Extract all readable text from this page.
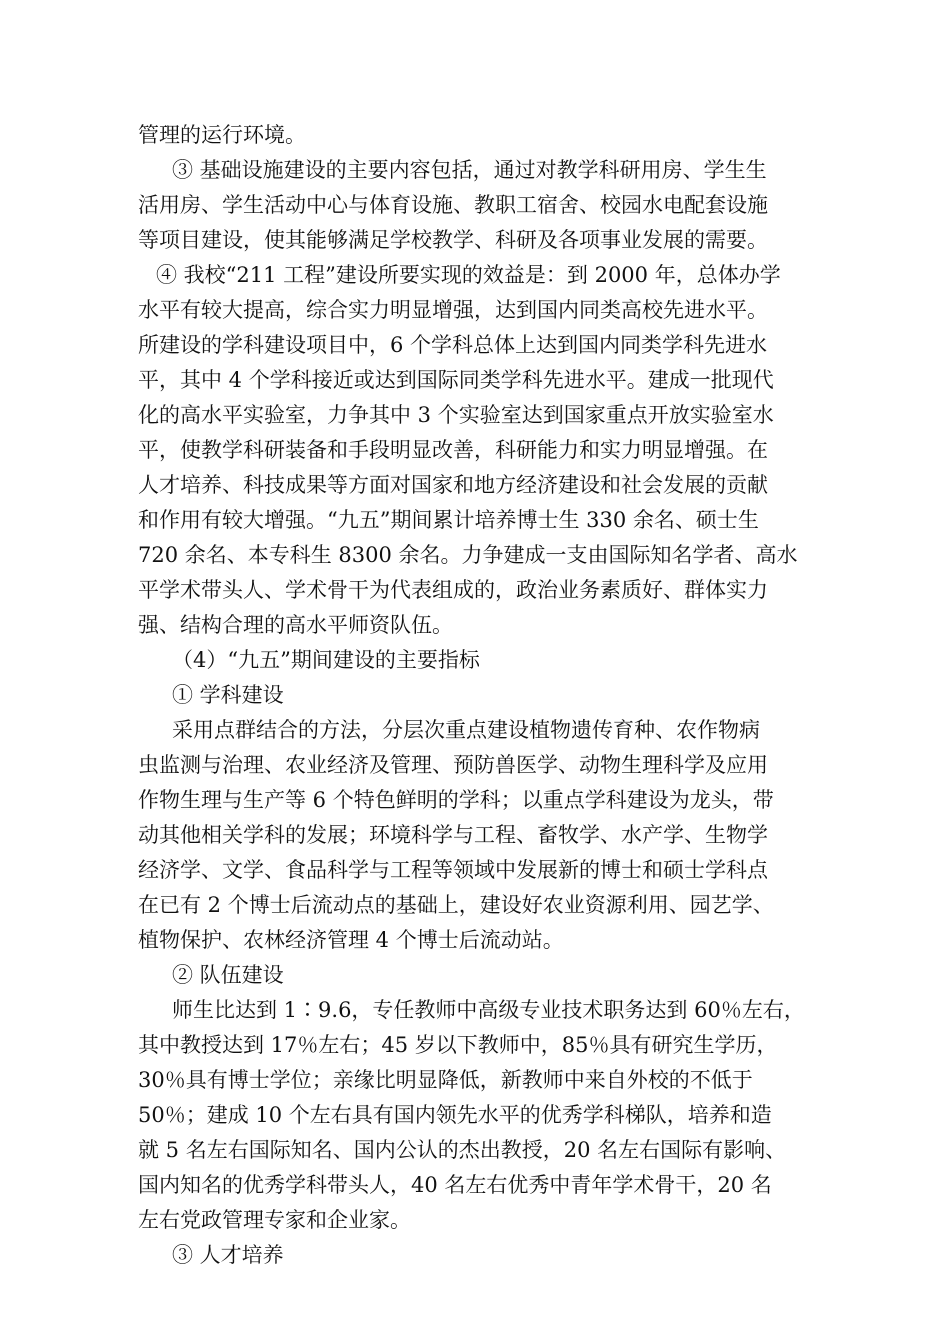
管理的运行环境。
③ 基础设施建设的主要内容包括，通过对教学科研用房、学生生
活用房、学生活动中心与体育设施、教职工宿舍、校园水电配套设施
等项目建设，使其能够满足学校教学、科研及各项事业发展的需要。
④ 我校“211 工程”建设所要实现的效益是：到 2000 年，总体办学
水平有较大提高，综合实力明显增强，达到国内同类高校先进水平。
所建设的学科建设项目中，6 个学科总体上达到国内同类学科先进水
平，其中 4 个学科接近或达到国际同类学科先进水平。建成一批现代
化的高水平实验室，力争其中 3 个实验室达到国家重点开放实验室水
平，使教学科研装备和手段明显改善，科研能力和实力明显增强。在
人才培养、科技成果等方面对国家和地方经济建设和社会发展的贡献
和作用有较大增强。“九五”期间累计培养博士生 330 余名、硕士生
720 余名、本专科生 8300 余名。力争建成一支由国际知名学者、高水
平学术带头人、学术骨干为代表组成的，政治业务素质好、群体实力
强、结构合理的高水平师资队伍。
（4）“九五”期间建设的主要指标
① 学科建设
采用点群结合的方法，分层次重点建设植物遗传育种、农作物病
虫监测与治理、农业经济及管理、预防兽医学、动物生理科学及应用
作物生理与生产等 6 个特色鲜明的学科；以重点学科建设为龙头，带
动其他相关学科的发展；环境科学与工程、畜牧学、水产学、生物学
经济学、文学、食品科学与工程等领域中发展新的博士和硕士学科点
在已有 2 个博士后流动点的基础上，建设好农业资源利用、园艺学、
植物保护、农林经济管理 4 个博士后流动站。
② 队伍建设
师生比达到 1∶9.6，专任教师中高级专业技术职务达到 60％左右，
其中教授达到 17％左右；45 岁以下教师中，85％具有研究生学历，
30％具有博士学位；亲缘比明显降低，新教师中来自外校的不低于
50％；建成 10 个左右具有国内领先水平的优秀学科梯队，培养和造
就 5 名左右国际知名、国内公认的杰出教授，20 名左右国际有影响、
国内知名的优秀学科带头人，40 名左右优秀中青年学术骨干，20 名
左右党政管理专家和企业家。
③ 人才培养
